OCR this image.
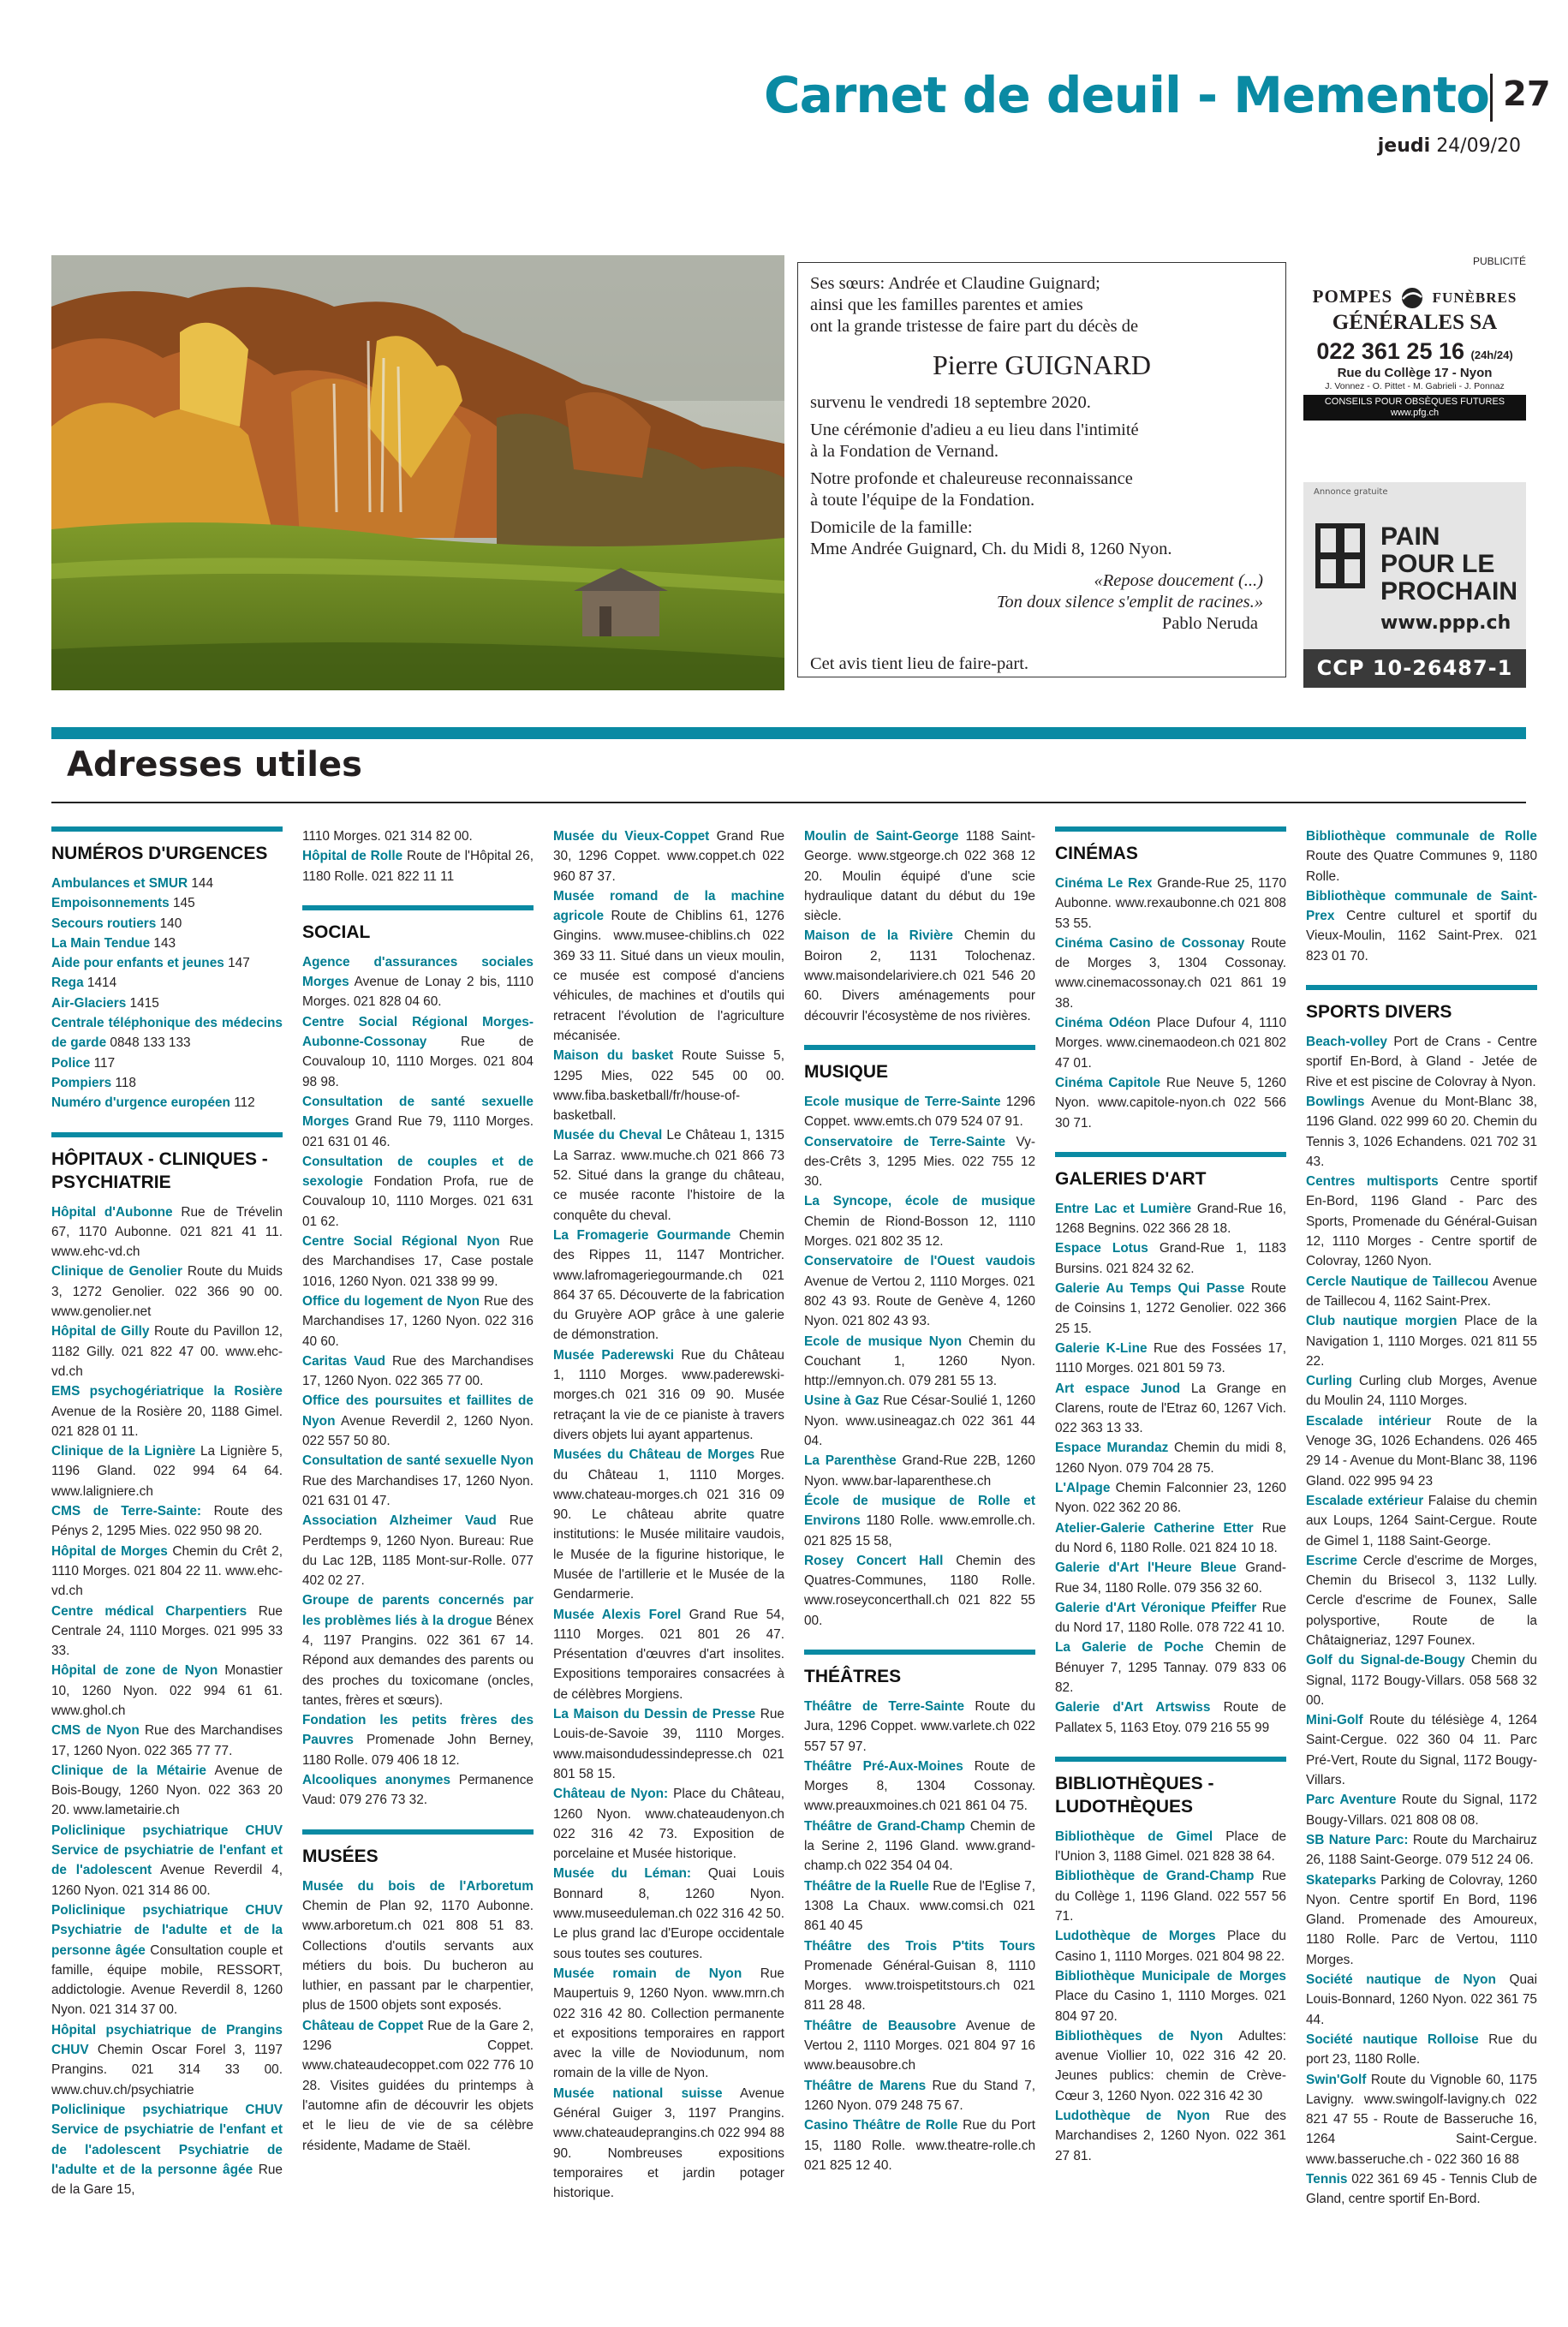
Carnet de deuil - Memento 27
jeudi 24/09/20

Ses sœurs: Andrée et Claudine Guignard;
ainsi que les familles parentes et amies
ont la grande tristesse de faire part du décès de

Pierre GUIGNARD

survenu le vendredi 18 septembre 2020.

Une cérémonie d'adieu a eu lieu dans l'intimité
à la Fondation de Vernand.

Notre profonde et chaleureuse reconnaissance
à toute l'équipe de la Fondation.

Domicile de la famille:
Mme Andrée Guignard, Ch. du Midi 8, 1260 Nyon.

«Repose doucement (...)
Ton doux silence s'emplit de racines.»

Pablo Neruda

Cet avis tient lieu de faire-part.

PUBLICITÉ
POMPES	FUNÈBRES
GÉNÉRALES SA
022 361 25 16 (24h/24)
Rue du Collège 17 - Nyon
J. Vonnez - O. Pittet - M. Gabrieli - J. Ponnaz
CONSEILS POUR OBSÈQUES FUTURES
www.pfg.ch
Annonce gratuite
PAIN
POUR LE
PROCHAIN
www.ppp.ch
CCP 10-26487-1
Adresses utiles
NUMÉROS D'URGENCES
Ambulances et SMUR 144
Empoisonnements 145
Secours routiers 140
La Main Tendue 143
Aide pour enfants et jeunes 147
Rega 1414
Air-Glaciers 1415
Centrale téléphonique des médecins de garde 0848 133 133
Police 117
Pompiers 118
Numéro d'urgence européen 112
HÔPITAUX - CLINIQUES - PSYCHIATRIE
Hôpital d'Aubonne Rue de Trévelin 67, 1170 Aubonne. 021 821 41 11. www.ehc-vd.ch
Clinique de Genolier Route du Muids 3, 1272 Genolier. 022 366 90 00. www.genolier.net
Hôpital de Gilly Route du Pavillon 12, 1182 Gilly. 021 822 47 00. www.ehc-vd.ch
EMS psychogériatrique la Rosière Avenue de la Rosière 20, 1188 Gimel. 021 828 01 11.
Clinique de la Lignière La Lignière 5, 1196 Gland. 022 994 64 64. www.laligniere.ch
CMS de Terre-Sainte: Route des Pénys 2, 1295 Mies. 022 950 98 20.
Hôpital de Morges Chemin du Crêt 2, 1110 Morges. 021 804 22 11. www.ehc-vd.ch
Centre médical Charpentiers Rue Centrale 24, 1110 Morges. 021 995 33 33.
Hôpital de zone de Nyon Monastier 10, 1260 Nyon. 022 994 61 61. www.ghol.ch
CMS de Nyon Rue des Marchandises 17, 1260 Nyon. 022 365 77 77.
Clinique de la Métairie Avenue de Bois-Bougy, 1260 Nyon. 022 363 20 20. www.lametairie.ch
Policlinique psychiatrique CHUV Service de psychiatrie de l'enfant et de l'adolescent Avenue Reverdil 4, 1260 Nyon. 021 314 86 00.
Policlinique psychiatrique CHUV Psychiatrie de l'adulte et de la personne âgée Consultation couple et famille, équipe mobile, RESSORT, addictologie. Avenue Reverdil 8, 1260 Nyon. 021 314 37 00.
Hôpital psychiatrique de Prangins CHUV Chemin Oscar Forel 3, 1197 Prangins. 021 314 33 00. www.chuv.ch/psychiatrie
Policlinique psychiatrique CHUV Service de psychiatrie de l'enfant et de l'adolescent Psychiatrie de l'adulte et de la personne âgée Rue de la Gare 15,
1110 Morges. 021 314 82 00.
Hôpital de Rolle Route de l'Hôpital 26, 1180 Rolle. 021 822 11 11
SOCIAL
Agence d'assurances sociales Morges Avenue de Lonay 2 bis, 1110 Morges. 021 828 04 60.
Centre Social Régional Morges-Aubonne-Cossonay Rue de Couvaloup 10, 1110 Morges. 021 804 98 98.
Consultation de santé sexuelle Morges Grand Rue 79, 1110 Morges. 021 631 01 46.
Consultation de couples et de sexologie Fondation Profa, rue de Couvaloup 10, 1110 Morges. 021 631 01 62.
Centre Social Régional Nyon Rue des Marchandises 17, Case postale 1016, 1260 Nyon. 021 338 99 99.
Office du logement de Nyon Rue des Marchandises 17, 1260 Nyon. 022 316 40 60.
Caritas Vaud Rue des Marchandises 17, 1260 Nyon. 022 365 77 00.
Office des poursuites et faillites de Nyon Avenue Reverdil 2, 1260 Nyon. 022 557 50 80.
Consultation de santé sexuelle Nyon Rue des Marchandises 17, 1260 Nyon. 021 631 01 47.
Association Alzheimer Vaud Rue Perdtemps 9, 1260 Nyon. Bureau: Rue du Lac 12B, 1185 Mont-sur-Rolle. 077 402 02 27.
Groupe de parents concernés par les problèmes liés à la drogue Bénex 4, 1197 Prangins. 022 361 67 14. Répond aux demandes des parents ou des proches du toxicomane (oncles, tantes, frères et sœurs).
Fondation les petits frères des Pauvres Promenade John Berney, 1180 Rolle. 079 406 18 12.
Alcooliques anonymes Permanence Vaud: 079 276 73 32.
MUSÉES
Musée du bois de l'Arboretum Chemin de Plan 92, 1170 Aubonne. www.arboretum.ch 021 808 51 83. Collections d'outils servants aux métiers du bois. Du bucheron au luthier, en passant par le charpentier, plus de 1500 objets sont exposés.
Château de Coppet Rue de la Gare 2, 1296 Coppet. www.chateaudecoppet.com 022 776 10 28. Visites guidées du printemps à l'automne afin de découvrir les objets et le lieu de vie de sa célèbre résidente, Madame de Staël.
Musée du Vieux-Coppet Grand Rue 30, 1296 Coppet. www.coppet.ch 022 960 87 37.
Musée romand de la machine agricole Route de Chiblins 61, 1276 Gingins. www.musee-chiblins.ch 022 369 33 11. Situé dans un vieux moulin, ce musée est composé d'anciens véhicules, de machines et d'outils qui retracent l'évolution de l'agriculture mécanisée.
Maison du basket Route Suisse 5, 1295 Mies, 022 545 00 00. www.fiba.basketball/fr/house-of-basketball.
Musée du Cheval Le Château 1, 1315 La Sarraz. www.muche.ch 021 866 73 52. Situé dans la grange du château, ce musée raconte l'histoire de la conquête du cheval.
La Fromagerie Gourmande Chemin des Rippes 11, 1147 Montricher. www.lafromageriegourmande.ch 021 864 37 65. Découverte de la fabrication du Gruyère AOP grâce à une galerie de démonstration.
Musée Paderewski Rue du Château 1, 1110 Morges. www.paderewski-morges.ch 021 316 09 90. Musée retraçant la vie de ce pianiste à travers divers objets lui ayant appartenus.
Musées du Château de Morges Rue du Château 1, 1110 Morges. www.chateau-morges.ch 021 316 09 90. Le château abrite quatre institutions: le Musée militaire vaudois, le Musée de la figurine historique, le Musée de l'artillerie et le Musée de la Gendarmerie.
Musée Alexis Forel Grand Rue 54, 1110 Morges. 021 801 26 47. Présentation d'œuvres d'art insolites. Expositions temporaires consacrées à de célèbres Morgiens.
La Maison du Dessin de Presse Rue Louis-de-Savoie 39, 1110 Morges. www.maisondudessindepresse.ch 021 801 58 15.
Château de Nyon: Place du Château, 1260 Nyon. www.chateaudenyon.ch 022 316 42 73. Exposition de porcelaine et Musée historique.
Musée du Léman: Quai Louis Bonnard 8, 1260 Nyon. www.museeduleman.ch 022 316 42 50. Le plus grand lac d'Europe occidentale sous toutes ses coutures.
Musée romain de Nyon Rue Maupertuis 9, 1260 Nyon. www.mrn.ch 022 316 42 80. Collection permanente et expositions temporaires en rapport avec la ville de Noviodunum, nom romain de la ville de Nyon.
Musée national suisse Avenue Général Guiger 3, 1197 Prangins. www.chateaudeprangins.ch 022 994 88 90. Nombreuses expositions temporaires et jardin potager historique.
Moulin de Saint-George 1188 Saint-George. www.stgeorge.ch 022 368 12 20. Moulin équipé d'une scie hydraulique datant du début du 19e siècle.
Maison de la Rivière Chemin du Boiron 2, 1131 Tolochenaz. www.maisondelariviere.ch 021 546 20 60. Divers aménagements pour découvrir l'écosystème de nos rivières.
MUSIQUE
Ecole musique de Terre-Sainte 1296 Coppet. www.emts.ch 079 524 07 91.
Conservatoire de Terre-Sainte Vy-des-Crêts 3, 1295 Mies. 022 755 12 30.
La Syncope, école de musique Chemin de Riond-Bosson 12, 1110 Morges. 021 802 35 12.
Conservatoire de l'Ouest vaudois Avenue de Vertou 2, 1110 Morges. 021 802 43 93. Route de Genève 4, 1260 Nyon. 021 802 43 93.
Ecole de musique Nyon Chemin du Couchant 1, 1260 Nyon. http://emnyon.ch. 079 281 55 13.
Usine à Gaz Rue César-Soulié 1, 1260 Nyon. www.usineagaz.ch 022 361 44 04.
La Parenthèse Grand-Rue 22B, 1260 Nyon. www.bar-laparenthese.ch
École de musique de Rolle et Environs 1180 Rolle. www.emrolle.ch. 021 825 15 58,
Rosey Concert Hall Chemin des Quatres-Communes, 1180 Rolle. www.roseyconcerthall.ch 021 822 55 00.
THÉÂTRES
Théâtre de Terre-Sainte Route du Jura, 1296 Coppet. www.varlete.ch 022 557 57 97.
Théâtre Pré-Aux-Moines Route de Morges 8, 1304 Cossonay. www.preauxmoines.ch 021 861 04 75.
Théâtre de Grand-Champ Chemin de la Serine 2, 1196 Gland. www.grand-champ.ch 022 354 04 04.
Théâtre de la Ruelle Rue de l'Eglise 7, 1308 La Chaux. www.comsi.ch 021 861 40 45
Théâtre des Trois P'tits Tours Promenade Général-Guisan 8, 1110 Morges. www.troispetitstours.ch 021 811 28 48.
Théâtre de Beausobre Avenue de Vertou 2, 1110 Morges. 021 804 97 16 www.beausobre.ch
Théâtre de Marens Rue du Stand 7, 1260 Nyon. 079 248 75 67.
Casino Théâtre de Rolle Rue du Port 15, 1180 Rolle. www.theatre-rolle.ch 021 825 12 40.
CINÉMAS
Cinéma Le Rex Grande-Rue 25, 1170 Aubonne. www.rexaubonne.ch 021 808 53 55.
Cinéma Casino de Cossonay Route de Morges 3, 1304 Cossonay. www.cinemacossonay.ch 021 861 19 38.
Cinéma Odéon Place Dufour 4, 1110 Morges. www.cinemaodeon.ch 021 802 47 01.
Cinéma Capitole Rue Neuve 5, 1260 Nyon. www.capitole-nyon.ch 022 566 30 71.
GALERIES D'ART
Entre Lac et Lumière Grand-Rue 16, 1268 Begnins. 022 366 28 18.
Espace Lotus Grand-Rue 1, 1183 Bursins. 021 824 32 62.
Galerie Au Temps Qui Passe Route de Coinsins 1, 1272 Genolier. 022 366 25 15.
Galerie K-Line Rue des Fossées 17, 1110 Morges. 021 801 59 73.
Art espace Junod La Grange en Clarens, route de l'Etraz 60, 1267 Vich. 022 363 13 33.
Espace Murandaz Chemin du midi 8, 1260 Nyon. 079 704 28 75.
L'Alpage Chemin Falconnier 23, 1260 Nyon. 022 362 20 86.
Atelier-Galerie Catherine Etter Rue du Nord 6, 1180 Rolle. 021 824 10 18.
Galerie d'Art l'Heure Bleue Grand-Rue 34, 1180 Rolle. 079 356 32 60.
Galerie d'Art Véronique Pfeiffer Rue du Nord 17, 1180 Rolle. 078 722 41 10.
La Galerie de Poche Chemin de Bénuyer 7, 1295 Tannay. 079 833 06 82.
Galerie d'Art Artswiss Route de Pallatex 5, 1163 Etoy. 079 216 55 99
BIBLIOTHÈQUES - LUDOTHÈQUES
Bibliothèque de Gimel Place de l'Union 3, 1188 Gimel. 021 828 38 64.
Bibliothèque de Grand-Champ Rue du Collège 1, 1196 Gland. 022 557 56 71.
Ludothèque de Morges Place du Casino 1, 1110 Morges. 021 804 98 22.
Bibliothèque Municipale de Morges Place du Casino 1, 1110 Morges. 021 804 97 20.
Bibliothèques de Nyon Adultes: avenue Viollier 10, 022 316 42 20. Jeunes publics: chemin de Crève-Cœur 3, 1260 Nyon. 022 316 42 30
Ludothèque de Nyon Rue des Marchandises 2, 1260 Nyon. 022 361 27 81.
Bibliothèque communale de Rolle Route des Quatre Communes 9, 1180 Rolle.
Bibliothèque communale de Saint-Prex Centre culturel et sportif du Vieux-Moulin, 1162 Saint-Prex. 021 823 01 70.
SPORTS DIVERS
Beach-volley Port de Crans - Centre sportif En-Bord, à Gland - Jetée de Rive et est piscine de Colovray à Nyon.
Bowlings Avenue du Mont-Blanc 38, 1196 Gland. 022 999 60 20. Chemin du Tennis 3, 1026 Echandens. 021 702 31 43.
Centres multisports Centre sportif En-Bord, 1196 Gland - Parc des Sports, Promenade du Général-Guisan 12, 1110 Morges - Centre sportif de Colovray, 1260 Nyon.
Cercle Nautique de Taillecou Avenue de Taillecou 4, 1162 Saint-Prex.
Club nautique morgien Place de la Navigation 1, 1110 Morges. 021 811 55 22.
Curling Curling club Morges, Avenue du Moulin 24, 1110 Morges.
Escalade intérieur Route de la Venoge 3G, 1026 Echandens. 026 465 29 14 - Avenue du Mont-Blanc 38, 1196 Gland. 022 995 94 23
Escalade extérieur Falaise du chemin aux Loups, 1264 Saint-Cergue. Route de Gimel 1, 1188 Saint-George.
Escrime Cercle d'escrime de Morges, Chemin du Brisecol 3, 1132 Lully. Cercle d'escrime de Founex, Salle polysportive, Route de la Châtaigneriaz, 1297 Founex.
Golf du Signal-de-Bougy Chemin du Signal, 1172 Bougy-Villars. 058 568 32 00.
Mini-Golf Route du télésiège 4, 1264 Saint-Cergue. 022 360 04 11. Parc Pré-Vert, Route du Signal, 1172 Bougy-Villars.
Parc Aventure Route du Signal, 1172 Bougy-Villars. 021 808 08 08.
SB Nature Parc: Route du Marchairuz 26, 1188 Saint-George. 079 512 24 06.
Skateparks Parking de Colovray, 1260 Nyon. Centre sportif En Bord, 1196 Gland. Promenade des Amoureux, 1180 Rolle. Parc de Vertou, 1110 Morges.
Société nautique de Nyon Quai Louis-Bonnard, 1260 Nyon. 022 361 75 44.
Société nautique Rolloise Rue du port 23, 1180 Rolle.
Swin'Golf Route du Vignoble 60, 1175 Lavigny. www.swingolf-lavigny.ch 022 821 47 55 - Route de Basseruche 16, 1264 Saint-Cergue. www.basseruche.ch - 022 360 16 88
Tennis 022 361 69 45 - Tennis Club de Gland, centre sportif En-Bord.
